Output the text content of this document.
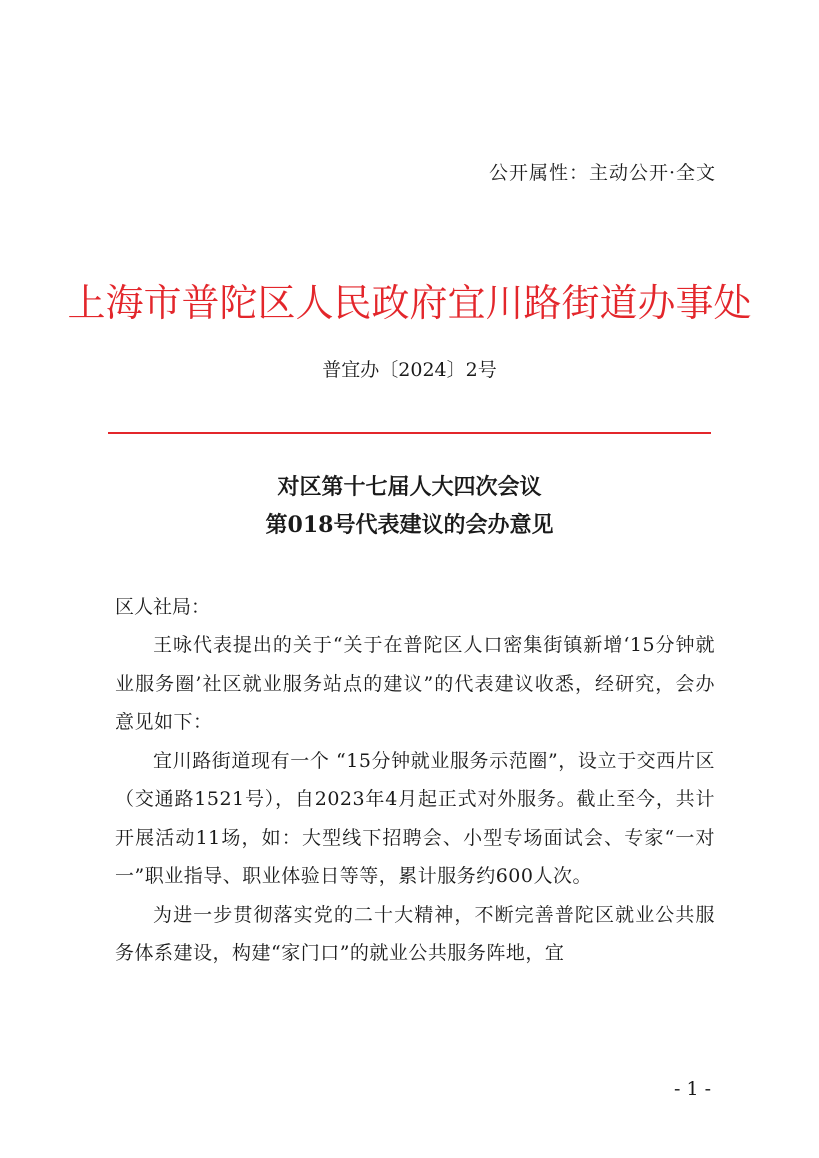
公开属性：主动公开·全文
上海市普陀区人民政府宜川路街道办事处
普宜办〔2024〕2号
对区第十七届人大四次会议
第018号代表建议的会办意见
区人社局：

王咏代表提出的关于“关于在普陀区人口密集街镇新增‘15分钟就业服务圈’社区就业服务站点的建议”的代表建议收悉，经研究，会办意见如下：

宜川路街道现有一个 “15分钟就业服务示范圈”，设立于交西片区（交通路1521号），自2023年4月起正式对外服务。截止至今，共计开展活动11场，如：大型线下招聘会、小型专场面试会、专家“一对一”职业指导、职业体验日等等，累计服务约600人次。

为进一步贯彻落实党的二十大精神，不断完善普陀区就业公共服务体系建设，构建“家门口”的就业公共服务阵地，宜

- 1 -
